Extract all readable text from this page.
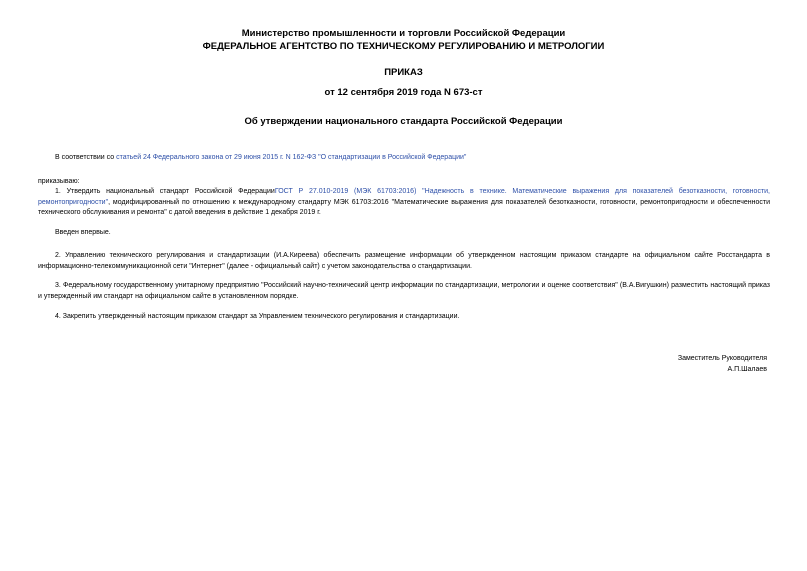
Министерство промышленности и торговли Российской Федерации
ФЕДЕРАЛЬНОЕ АГЕНТСТВО ПО ТЕХНИЧЕСКОМУ РЕГУЛИРОВАНИЮ И МЕТРОЛОГИИ
ПРИКАЗ
от 12 сентября 2019 года N 673-ст
Об утверждении национального стандарта Российской Федерации
В соответствии со статьей 24 Федерального закона от 29 июня 2015 г. N 162-ФЗ "О стандартизации в Российской Федерации"
приказываю:
1. Утвердить национальный стандарт Российской ФедерацииГОСТ Р 27.010-2019 (МЭК 61703:2016) "Надежность в технике. Математические выражения для показателей безотказности, готовности, ремонтопригодности", модифицированный по отношению к международному стандарту МЭК 61703:2016 "Математические выражения для показателей безотказности, готовности, ремонтопригодности и обеспеченности технического обслуживания и ремонта" с датой введения в действие 1 декабря 2019 г.
Введен впервые.
2. Управлению технического регулирования и стандартизации (И.А.Киреева) обеспечить размещение информации об утвержденном настоящим приказом стандарте на официальном сайте Росстандарта в информационно-телекоммуникационной сети "Интернет" (далее - официальный сайт) с учетом законодательства о стандартизации.
3. Федеральному государственному унитарному предприятию "Российский научно-технический центр информации по стандартизации, метрологии и оценке соответствия" (В.А.Вигушкин) разместить настоящий приказ и утвержденный им стандарт на официальном сайте в установленном порядке.
4. Закрепить утвержденный настоящим приказом стандарт за Управлением технического регулирования и стандартизации.
Заместитель Руководителя
А.П.Шалаев
